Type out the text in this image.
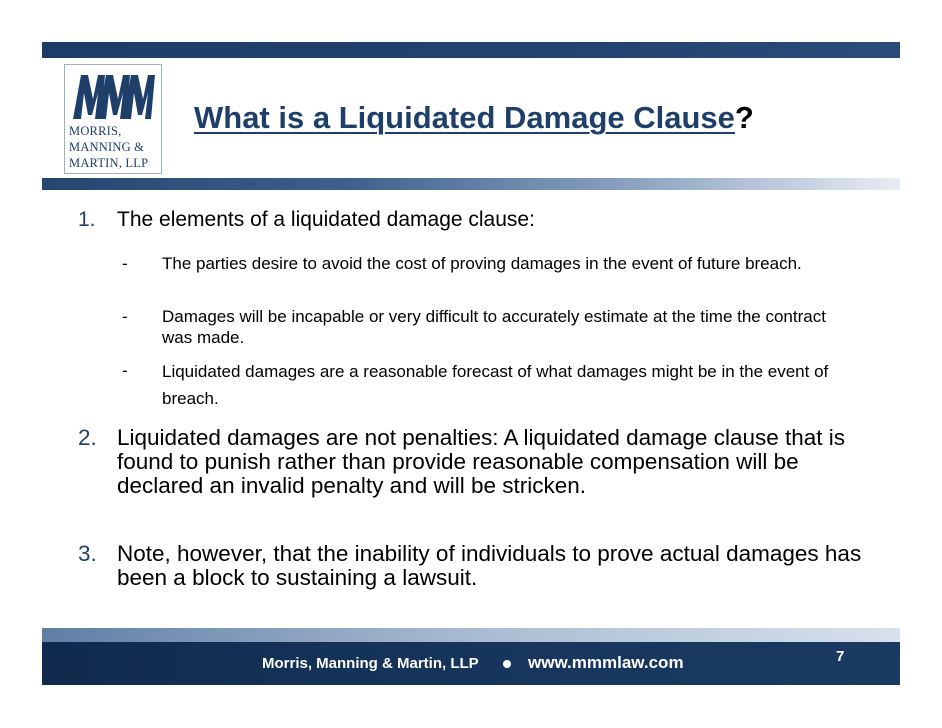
MORRIS,
MANNING &
MARTIN, LLP
What is a Liquidated Damage Clause?
1. The elements of a liquidated damage clause:
- The parties desire to avoid the cost of proving damages in the event of future breach.
- Damages will be incapable or very difficult to accurately estimate at the time the contract was made.
- Liquidated damages are a reasonable forecast of what damages might be in the event of breach.
2. Liquidated damages are not penalties: A liquidated damage clause that is found to punish rather than provide reasonable compensation will be declared an invalid penalty and will be stricken.
3. Note, however, that the inability of individuals to prove actual damages has been a block to sustaining a lawsuit.
Morris, Manning & Martin, LLP	www.mmmlaw.com	7
